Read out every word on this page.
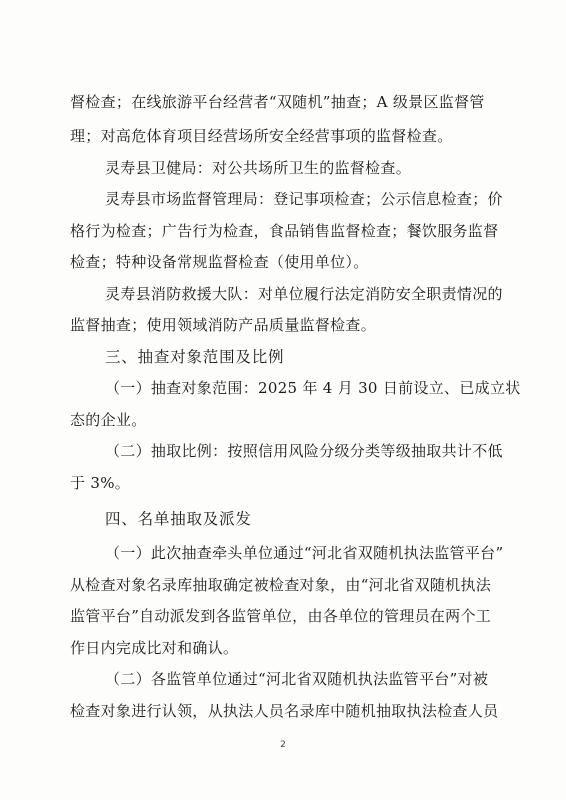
督检查；在线旅游平台经营者“双随机”抽查；A 级景区监督管
理；对高危体育项目经营场所安全经营事项的监督检查。
灵寿县卫健局：对公共场所卫生的监督检查。
灵寿县市场监督管理局：登记事项检查；公示信息检查；价
格行为检查；广告行为检查，食品销售监督检查；餐饮服务监督
检查；特种设备常规监督检查（使用单位）。
灵寿县消防救援大队：对单位履行法定消防安全职责情况的
监督抽查；使用领域消防产品质量监督检查。
三、抽查对象范围及比例
（一）抽查对象范围：2025 年 4 月 30 日前设立、已成立状
态的企业。
（二）抽取比例：按照信用风险分级分类等级抽取共计不低
于 3%。
四、名单抽取及派发
（一）此次抽查牵头单位通过“河北省双随机执法监管平台”
从检查对象名录库抽取确定被检查对象，由“河北省双随机执法
监管平台”自动派发到各监管单位，由各单位的管理员在两个工
作日内完成比对和确认。
（二）各监管单位通过“河北省双随机执法监管平台”对被
检查对象进行认领，从执法人员名录库中随机抽取执法检查人员
2
